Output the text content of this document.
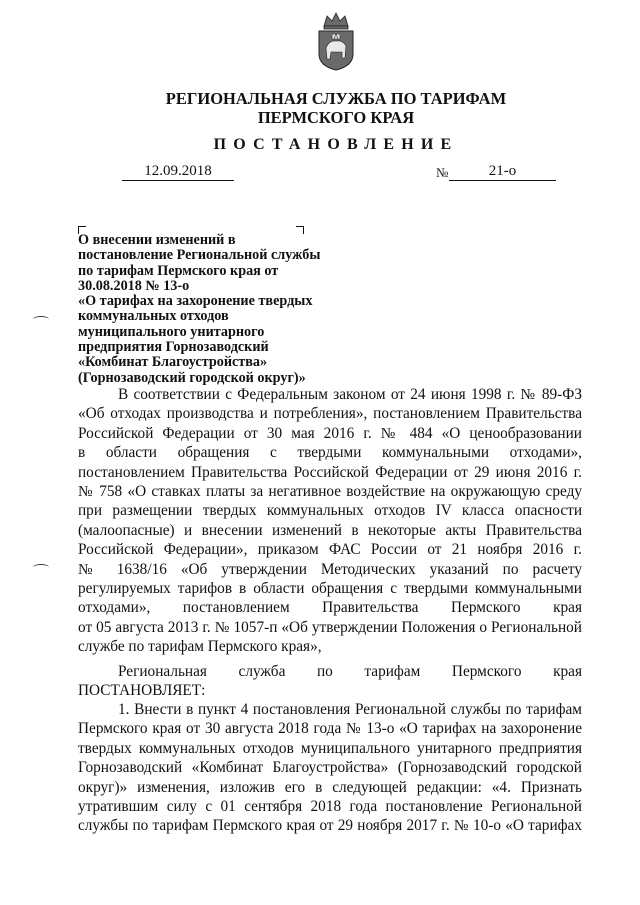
РЕГИОНАЛЬНАЯ СЛУЖБА ПО ТАРИФАМ
ПЕРМСКОГО КРАЯ
ПОСТАНОВЛЕНИЕ
12.09.2018	№	21-о
О внесении изменений в
постановление Региональной службы
по тарифам Пермского края от
30.08.2018 № 13-о
«О тарифах на захоронение твердых
коммунальных отходов
муниципального унитарного
предприятия Горнозаводский
«Комбинат Благоустройства»
(Горнозаводский городской округ)»
В соответствии с Федеральным законом от 24 июня 1998 г. № 89-ФЗ
«Об отходах производства и потребления», постановлением Правительства
Российской Федерации от 30 мая 2016 г. № 484 «О ценообразовании
в области обращения с твердыми коммунальными отходами»,
постановлением Правительства Российской Федерации от 29 июня 2016 г.
№ 758 «О ставках платы за негативное воздействие на окружающую среду
при размещении твердых коммунальных отходов IV класса опасности
(малоопасные) и внесении изменений в некоторые акты Правительства
Российской Федерации», приказом ФАС России от 21 ноября 2016 г.
№ 1638/16 «Об утверждении Методических указаний по расчету
регулируемых тарифов в области обращения с твердыми коммунальными
отходами», постановлением Правительства Пермского края
от 05 августа 2013 г. № 1057-п «Об утверждении Положения о Региональной
службе по тарифам Пермского края»,
Региональная служба по тарифам Пермского края
ПОСТАНОВЛЯЕТ:
1. Внести в пункт 4 постановления Региональной службы по тарифам
Пермского края от 30 августа 2018 года № 13-о «О тарифах на захоронение
твердых коммунальных отходов муниципального унитарного предприятия
Горнозаводский «Комбинат Благоустройства» (Горнозаводский городской
округ)» изменения, изложив его в следующей редакции: «4. Признать
утратившим силу с 01 сентября 2018 года постановление Региональной
службы по тарифам Пермского края от 29 ноября 2017 г. № 10-о «О тарифах
